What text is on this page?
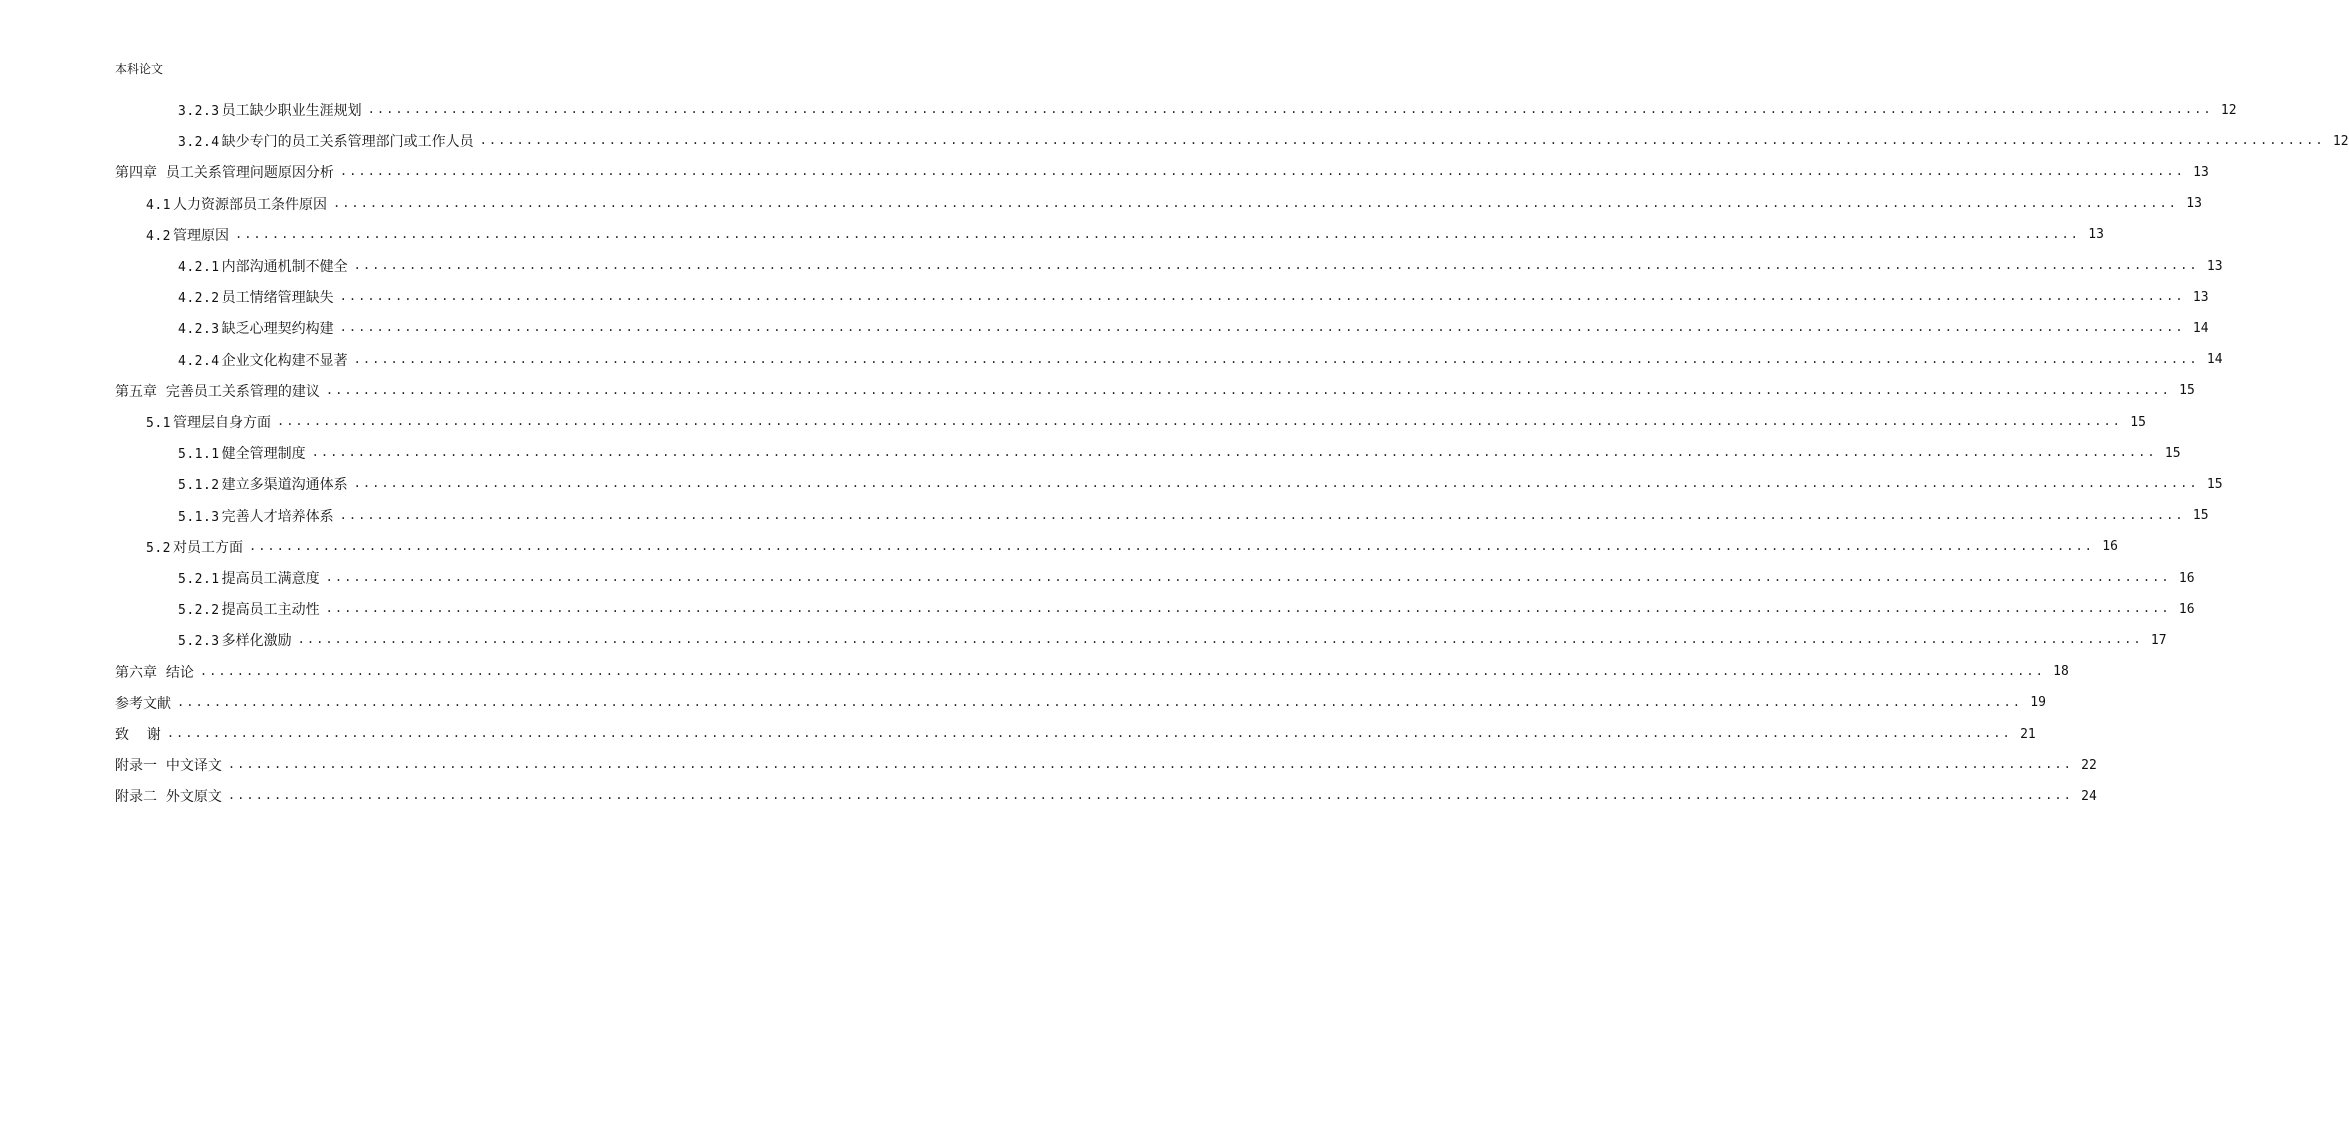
本科论文
3.2.3 员工缺少职业生涯规划 ........................................................................................................................................................................................................ 12
3.2.4 缺少专门的员工关系管理部门或工作人员 ........................................................................................................................................................................................................ 12
第四章  员工关系管理问题原因分析 ........................................................................................................................................................................................................ 13
4.1 人力资源部员工条件原因 ........................................................................................................................................................................................................ 13
4.2 管理原因 ........................................................................................................................................................................................................ 13
4.2.1 内部沟通机制不健全 ........................................................................................................................................................................................................ 13
4.2.2 员工情绪管理缺失 ........................................................................................................................................................................................................ 13
4.2.3 缺乏心理契约构建 ........................................................................................................................................................................................................ 14
4.2.4 企业文化构建不显著 ........................................................................................................................................................................................................ 14
第五章  完善员工关系管理的建议 ........................................................................................................................................................................................................ 15
5.1 管理层自身方面 ........................................................................................................................................................................................................ 15
5.1.1 健全管理制度 ........................................................................................................................................................................................................ 15
5.1.2 建立多渠道沟通体系 ........................................................................................................................................................................................................ 15
5.1.3 完善人才培养体系 ........................................................................................................................................................................................................ 15
5.2 对员工方面 ........................................................................................................................................................................................................ 16
5.2.1 提高员工满意度 ........................................................................................................................................................................................................ 16
5.2.2 提高员工主动性 ........................................................................................................................................................................................................ 16
5.2.3 多样化激励 ........................................................................................................................................................................................................ 17
第六章  结论 ........................................................................................................................................................................................................ 18
参考文献 ........................................................................................................................................................................................................ 19
致    谢 ........................................................................................................................................................................................................ 21
附录一  中文译文 ........................................................................................................................................................................................................ 22
附录二  外文原文 ........................................................................................................................................................................................................ 24
